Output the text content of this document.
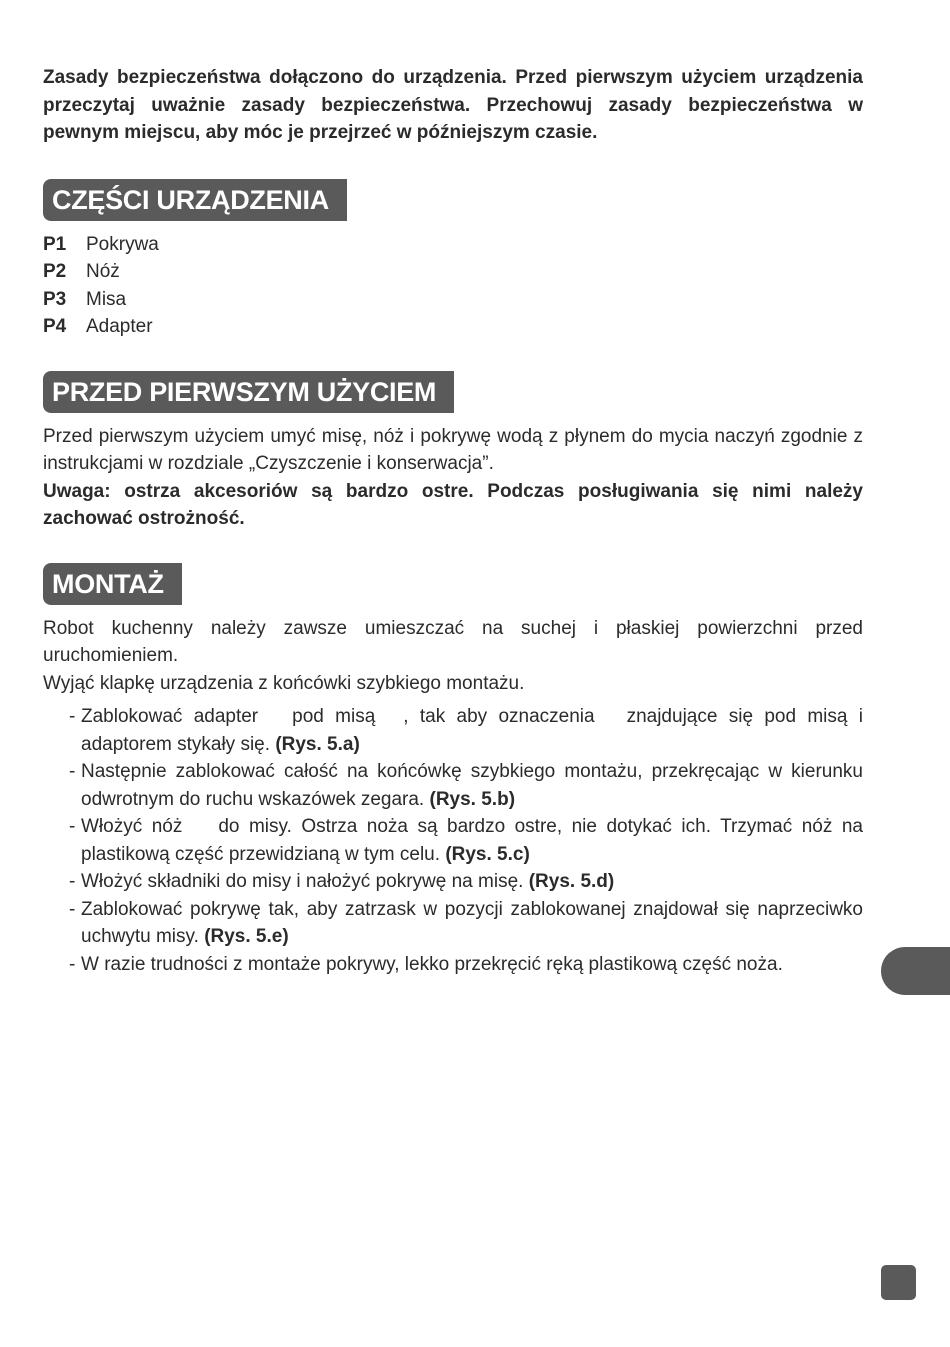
Zasady bezpieczeństwa dołączono do urządzenia. Przed pierwszym użyciem urządzenia przeczytaj uważnie zasady bezpieczeństwa. Przechowuj zasady bezpieczeństwa w pewnym miejscu, aby móc je przejrzeć w późniejszym czasie.

CZĘŚCI URZĄDZENIA
P1 Pokrywa
P2 Nóż
P3 Misa
P4 Adapter
PRZED PIERWSZYM UŻYCIEM

Przed pierwszym użyciem umyć misę, nóż i pokrywę wodą z płynem do mycia naczyń zgodnie z instrukcjami w rozdziale „Czyszczenie i konserwacja”.

Uwaga: ostrza akcesoriów są bardzo ostre. Podczas posługiwania się nimi należy zachować ostrożność.

MONTAŻ

Robot kuchenny należy zawsze umieszczać na suchej i płaskiej powierzchni przed uruchomieniem.

Wyjąć klapkę urządzenia z końcówki szybkiego montażu.

- Zablokować adapter pod misą , tak aby oznaczenia znajdujące się pod misą i adaptorem stykały się. (Rys. 5.a)
- Następnie zablokować całość na końcówkę szybkiego montażu, przekręcając w kierunku odwrotnym do ruchu wskazówek zegara. (Rys. 5.b)
- Włożyć nóż do misy. Ostrza noża są bardzo ostre, nie dotykać ich. Trzymać nóż na plastikową część przewidzianą w tym celu. (Rys. 5.c)
- Włożyć składniki do misy i nałożyć pokrywę na misę. (Rys. 5.d)
- Zablokować pokrywę tak, aby zatrzask w pozycji zablokowanej znajdował się naprzeciwko uchwytu misy. (Rys. 5.e)
- W razie trudności z montaże pokrywy, lekko przekręcić ręką plastikową część noża.
